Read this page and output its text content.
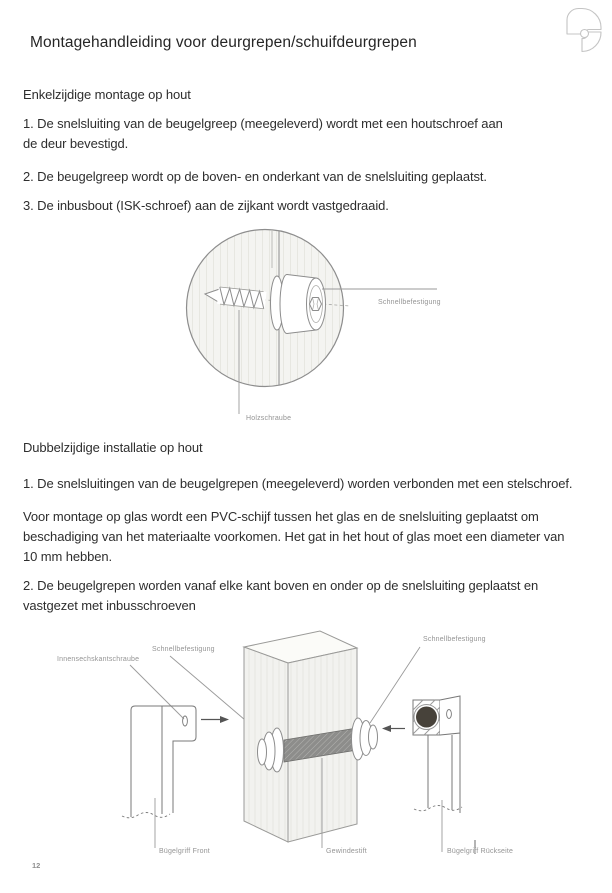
Montagehandleiding voor deurgrepen/schuifdeurgrepen
Enkelzijdige montage op hout
1. De snelsluiting van de beugelgreep (meegeleverd) wordt met een houtschroef aan
de deur bevestigd.
2. De beugelgreep wordt op de boven- en onderkant van de snelsluiting geplaatst.
3. De inbusbout (ISK-schroef) aan de zijkant wordt vastgedraaid.
Schnellbefestigung
Holzschraube
Dubbelzijdige installatie op hout
1. De snelsluitingen van de beugelgrepen (meegeleverd) worden verbonden met een stelschroef.
Voor montage op glas wordt een PVC-schijf tussen het glas en de snelsluiting geplaatst om
beschadiging van het materiaalte voorkomen. Het gat in het hout of glas moet een diameter van
10 mm hebben.
2. De beugelgrepen worden vanaf elke kant boven en onder op de snelsluiting geplaatst en
vastgezet met inbusschroeven
Innensechskantschraube
Schnellbefestigung
Schnellbefestigung
Bügelgriff Front	Gewindestift	Bügelgriff Rückseite
12
